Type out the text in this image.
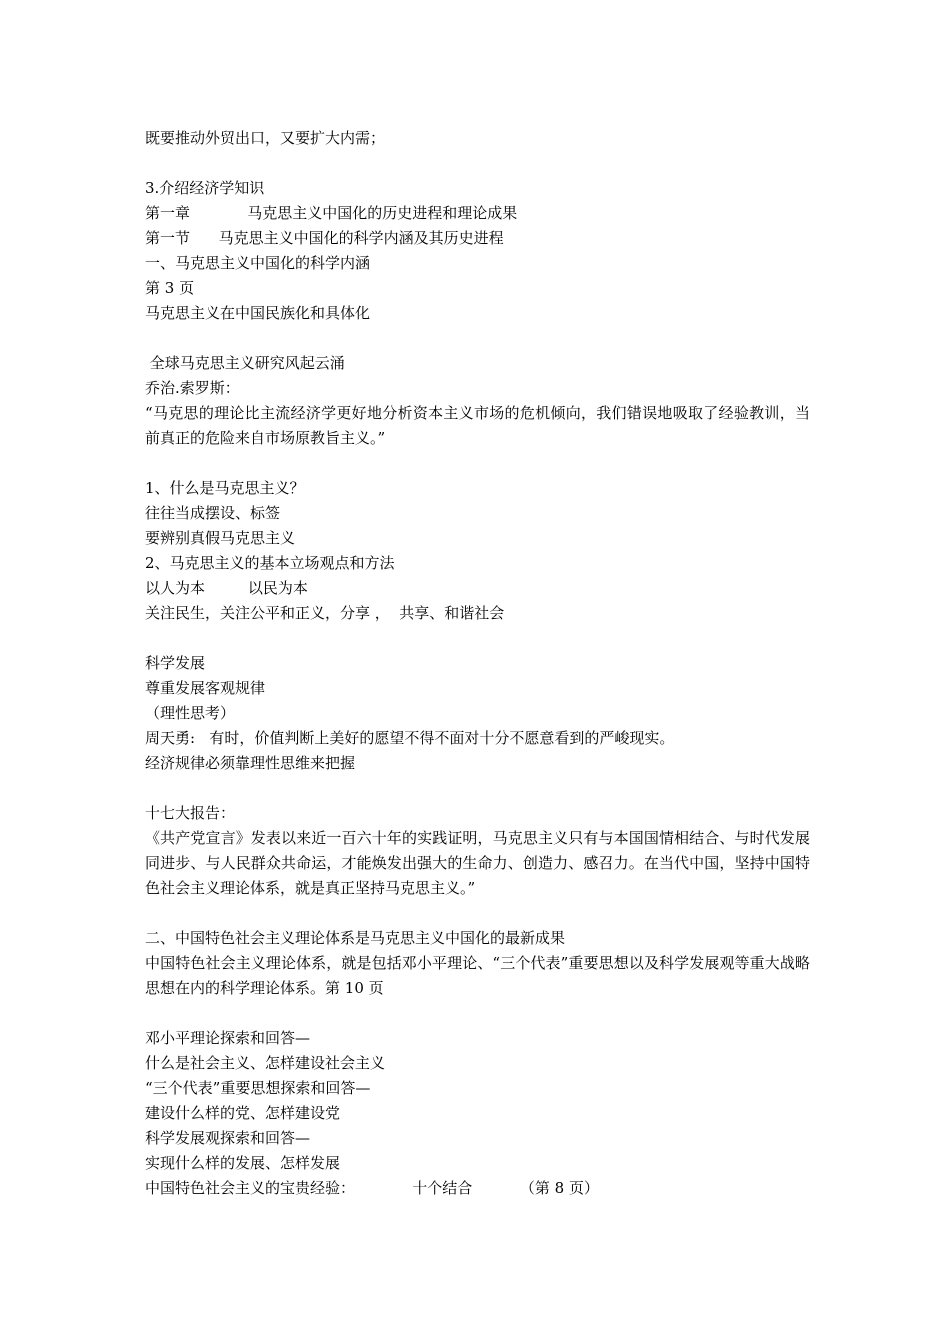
既要推动外贸出口，又要扩大内需；
3.介绍经济学知识
第一章            马克思主义中国化的历史进程和理论成果
第一节      马克思主义中国化的科学内涵及其历史进程
一、马克思主义中国化的科学内涵
第 3 页
马克思主义在中国民族化和具体化
全球马克思主义研究风起云涌
乔治.索罗斯：
“马克思的理论比主流经济学更好地分析资本主义市场的危机倾向，我们错误地吸取了经验教训，当前真正的危险来自市场原教旨主义。”
1、什么是马克思主义？
往往当成摆设、标签
要辨别真假马克思主义
2、马克思主义的基本立场观点和方法
以人为本         以民为本
关注民生，关注公平和正义，分享 ，  共享、和谐社会
科学发展
尊重发展客观规律
（理性思考）
周天勇:   有时，价值判断上美好的愿望不得不面对十分不愿意看到的严峻现实。
经济规律必须靠理性思维来把握
十七大报告：
《共产党宣言》发表以来近一百六十年的实践证明，马克思主义只有与本国国情相结合、与时代发展同进步、与人民群众共命运，才能焕发出强大的生命力、创造力、感召力。在当代中国，坚持中国特色社会主义理论体系，就是真正坚持马克思主义。”
二、中国特色社会主义理论体系是马克思主义中国化的最新成果
中国特色社会主义理论体系，就是包括邓小平理论、“三个代表”重要思想以及科学发展观等重大战略思想在内的科学理论体系。第 10 页
邓小平理论探索和回答—
什么是社会主义、怎样建设社会主义
“三个代表”重要思想探索和回答—
建设什么样的党、怎样建设党
科学发展观探索和回答—
实现什么样的发展、怎样发展
中国特色社会主义的宝贵经验：            十个结合          （第 8 页）
